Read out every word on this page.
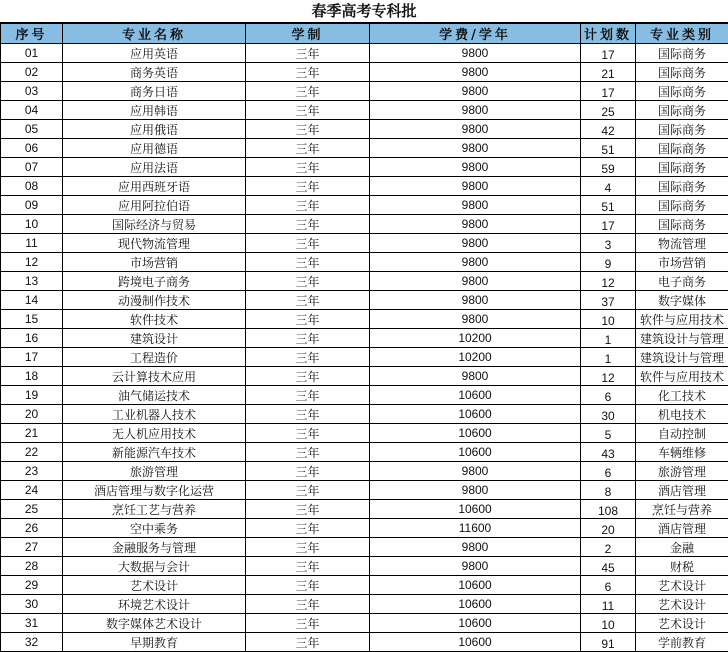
春季高考专科批
序号	专业名称	学制	学费/学年	计划数	专业类别
01	应用英语	三年	9800	17	国际商务
02	商务英语	三年	9800	21	国际商务
03	商务日语	三年	9800	17	国际商务
04	应用韩语	三年	9800	25	国际商务
05	应用俄语	三年	9800	42	国际商务
06	应用德语	三年	9800	51	国际商务
07	应用法语	三年	9800	59	国际商务
08	应用西班牙语	三年	9800	4	国际商务
09	应用阿拉伯语	三年	9800	51	国际商务
10	国际经济与贸易	三年	9800	17	国际商务
11	现代物流管理	三年	9800	3	物流管理
12	市场营销	三年	9800	9	市场营销
13	跨境电子商务	三年	9800	12	电子商务
14	动漫制作技术	三年	9800	37	数字媒体
15	软件技术	三年	9800	10	软件与应用技术
16	建筑设计	三年	10200	1	建筑设计与管理
17	工程造价	三年	10200	1	建筑设计与管理
18	云计算技术应用	三年	9800	12	软件与应用技术
19	油气储运技术	三年	10600	6	化工技术
20	工业机器人技术	三年	10600	30	机电技术
21	无人机应用技术	三年	10600	5	自动控制
22	新能源汽车技术	三年	10600	43	车辆维修
23	旅游管理	三年	9800	6	旅游管理
24	酒店管理与数字化运营	三年	9800	8	酒店管理
25	烹饪工艺与营养	三年	10600	108	烹饪与营养
26	空中乘务	三年	11600	20	酒店管理
27	金融服务与管理	三年	9800	2	金融
28	大数据与会计	三年	9800	45	财税
29	艺术设计	三年	10600	6	艺术设计
30	环境艺术设计	三年	10600	11	艺术设计
31	数字媒体艺术设计	三年	10600	10	艺术设计
32	早期教育	三年	10600	91	学前教育
